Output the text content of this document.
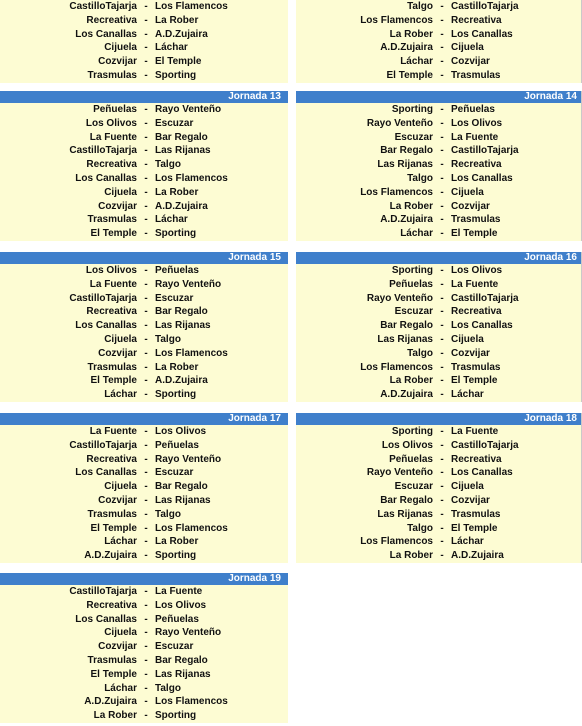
CastilloTajarja - Los Flamencos
Recreativa - La Rober
Los Canallas - A.D.Zujaira
Cijuela - Láchar
Cozvijar - El Temple
Trasmulas - Sporting
Talgo - CastilloTajarja
Los Flamencos - Recreativa
La Rober - Los Canallas
A.D.Zujaira - Cijuela
Láchar - Cozvijar
El Temple - Trasmulas
Jornada 13
Peñuelas - Rayo Venteño
Los Olivos - Escuzar
La Fuente - Bar Regalo
CastilloTajarja - Las Rijanas
Recreativa - Talgo
Los Canallas - Los Flamencos
Cijuela - La Rober
Cozvijar - A.D.Zujaira
Trasmulas - Láchar
El Temple - Sporting
Jornada 14
Sporting - Peñuelas
Rayo Venteño - Los Olivos
Escuzar - La Fuente
Bar Regalo - CastilloTajarja
Las Rijanas - Recreativa
Talgo - Los Canallas
Los Flamencos - Cijuela
La Rober - Cozvijar
A.D.Zujaira - Trasmulas
Láchar - El Temple
Jornada 15
Los Olivos - Peñuelas
La Fuente - Rayo Venteño
CastilloTajarja - Escuzar
Recreativa - Bar Regalo
Los Canallas - Las Rijanas
Cijuela - Talgo
Cozvijar - Los Flamencos
Trasmulas - La Rober
El Temple - A.D.Zujaira
Láchar - Sporting
Jornada 16
Sporting - Los Olivos
Peñuelas - La Fuente
Rayo Venteño - CastilloTajarja
Escuzar - Recreativa
Bar Regalo - Los Canallas
Las Rijanas - Cijuela
Talgo - Cozvijar
Los Flamencos - Trasmulas
La Rober - El Temple
A.D.Zujaira - Láchar
Jornada 17
La Fuente - Los Olivos
CastilloTajarja - Peñuelas
Recreativa - Rayo Venteño
Los Canallas - Escuzar
Cijuela - Bar Regalo
Cozvijar - Las Rijanas
Trasmulas - Talgo
El Temple - Los Flamencos
Láchar - La Rober
A.D.Zujaira - Sporting
Jornada 18
Sporting - La Fuente
Los Olivos - CastilloTajarja
Peñuelas - Recreativa
Rayo Venteño - Los Canallas
Escuzar - Cijuela
Bar Regalo - Cozvijar
Las Rijanas - Trasmulas
Talgo - El Temple
Los Flamencos - Láchar
La Rober - A.D.Zujaira
Jornada 19
CastilloTajarja - La Fuente
Recreativa - Los Olivos
Los Canallas - Peñuelas
Cijuela - Rayo Venteño
Cozvijar - Escuzar
Trasmulas - Bar Regalo
El Temple - Las Rijanas
Láchar - Talgo
A.D.Zujaira - Los Flamencos
La Rober - Sporting
